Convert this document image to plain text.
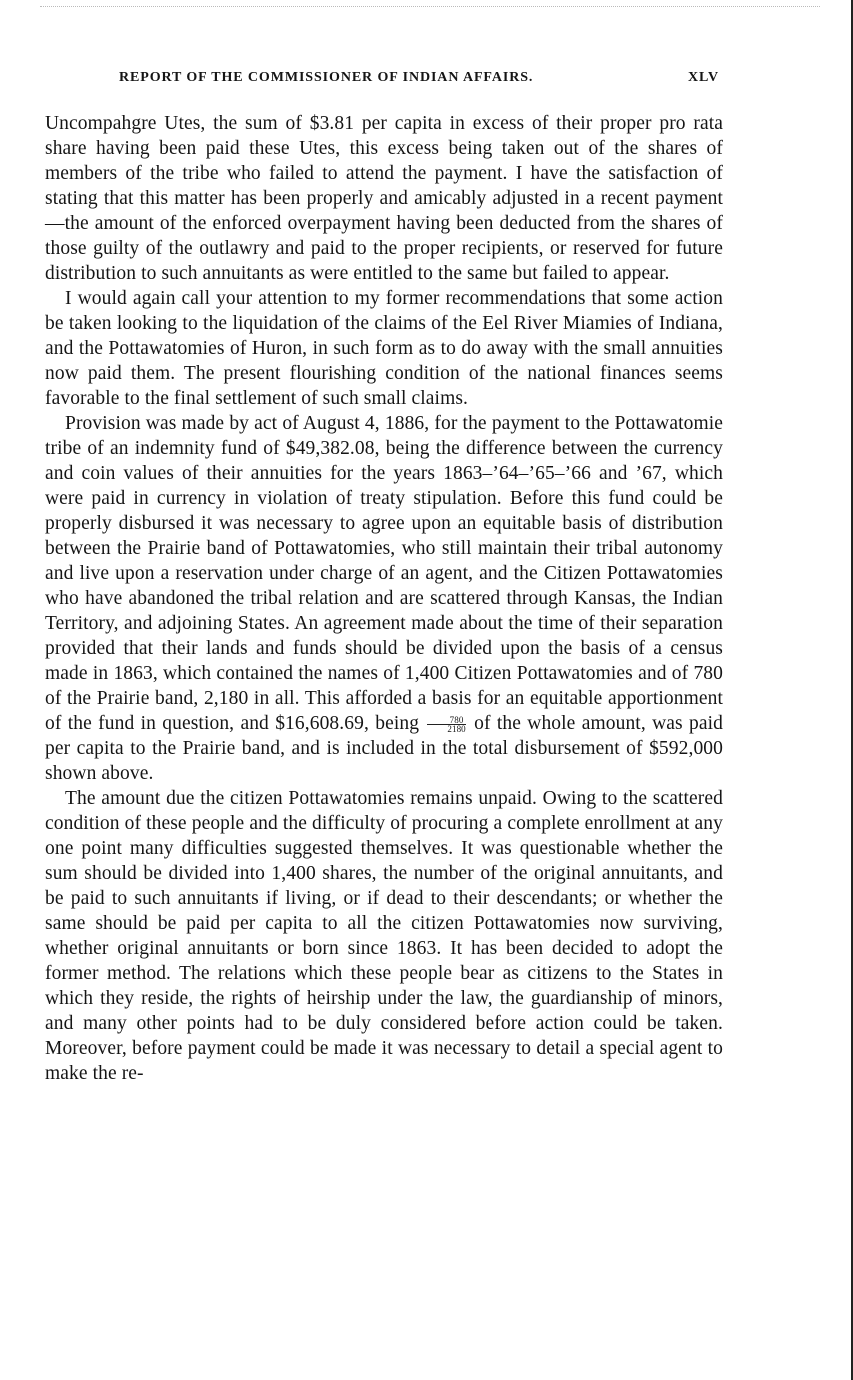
REPORT OF THE COMMISSIONER OF INDIAN AFFAIRS.	XLV

Uncompahgre Utes, the sum of $3.81 per capita in excess of their proper pro rata share having been paid these Utes, this excess being taken out of the shares of members of the tribe who failed to attend the payment. I have the satisfaction of stating that this matter has been properly and amicably adjusted in a recent payment—the amount of the enforced overpayment having been deducted from the shares of those guilty of the outlawry and paid to the proper recipients, or reserved for future distribution to such annuitants as were entitled to the same but failed to appear.

I would again call your attention to my former recommendations that some action be taken looking to the liquidation of the claims of the Eel River Miamies of Indiana, and the Pottawatomies of Huron, in such form as to do away with the small annuities now paid them. The present flourishing condition of the national finances seems favorable to the final settlement of such small claims.

Provision was made by act of August 4, 1886, for the payment to the Pottawatomie tribe of an indemnity fund of $49,382.08, being the difference between the currency and coin values of their annuities for the years 1863–’64–’65–’66 and ’67, which were paid in currency in violation of treaty stipulation. Before this fund could be properly disbursed it was necessary to agree upon an equitable basis of distribution between the Prairie band of Pottawatomies, who still maintain their tribal autonomy and live upon a reservation under charge of an agent, and the Citizen Pottawatomies who have abandoned the tribal relation and are scattered through Kansas, the Indian Territory, and adjoining States. An agreement made about the time of their separation provided that their lands and funds should be divided upon the basis of a census made in 1863, which contained the names of 1,400 Citizen Pottawatomies and of 780 of the Prairie band, 2,180 in all. This afforded a basis for an equitable apportionment of the fund in question, and $16,608.69, being $\frac{780}{2180}$ of the whole amount, was paid per capita to the Prairie band, and is included in the total disbursement of $592,000 shown above.

The amount due the citizen Pottawatomies remains unpaid. Owing to the scattered condition of these people and the difficulty of procuring a complete enrollment at any one point many difficulties suggested themselves. It was questionable whether the sum should be divided into 1,400 shares, the number of the original annuitants, and be paid to such annuitants if living, or if dead to their descendants; or whether the same should be paid per capita to all the citizen Pottawatomies now surviving, whether original annuitants or born since 1863. It has been decided to adopt the former method. The relations which these people bear as citizens to the States in which they reside, the rights of heirship under the law, the guardianship of minors, and many other points had to be duly considered before action could be taken. Moreover, before payment could be made it was necessary to detail a special agent to make the re-
